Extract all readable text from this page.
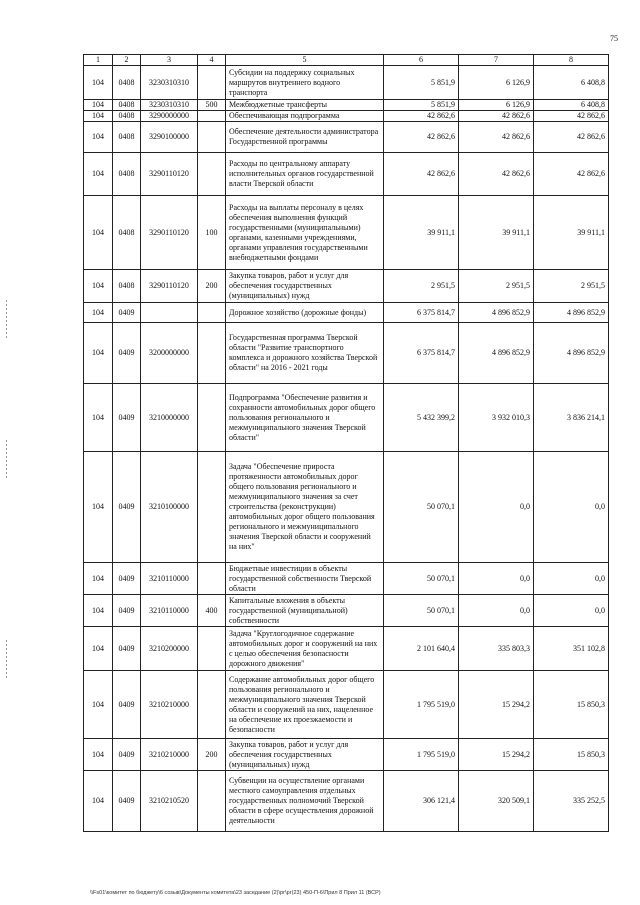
75
1	2	3	4	5	6	7	8
104	0408	3230310310		Субсидии на поддержку социальных маршрутов внутреннего водного транспорта	5 851,9	6 126,9	6 408,8
104	0408	3230310310	500	Межбюджетные трансферты	5 851,9	6 126,9	6 408,8
104	0408	3290000000		Обеспечивающая подпрограмма	42 862,6	42 862,6	42 862,6
104	0408	3290100000		Обеспечение деятельности администратора Государственной программы	42 862,6	42 862,6	42 862,6
104	0408	3290110120		Расходы по центральному аппарату исполнительных органов государственной власти Тверской области	42 862,6	42 862,6	42 862,6
104	0408	3290110120	100	Расходы на выплаты персоналу в целях обеспечения выполнения функций государственными (муниципальными) органами, казенными учреждениями, органами управления государственными внебюджетными фондами	39 911,1	39 911,1	39 911,1
104	0408	3290110120	200	Закупка товаров, работ и услуг для обеспечения государственных (муниципальных) нужд	2 951,5	2 951,5	2 951,5
104	0409			Дорожное хозяйство (дорожные фонды)	6 375 814,7	4 896 852,9	4 896 852,9
104	0409	3200000000		Государственная программа Тверской области "Развитие транспортного комплекса и дорожного хозяйства Тверской области" на 2016 - 2021 годы	6 375 814,7	4 896 852,9	4 896 852,9
104	0409	3210000000		Подпрограмма "Обеспечение развития и сохранности автомобильных дорог общего пользования регионального и межмуниципального значения Тверской области"	5 432 399,2	3 932 010,3	3 836 214,1
104	0409	3210100000		Задача "Обеспечение прироста протяженности автомобильных дорог общего пользования регионального и межмуниципального значения за счет строительства (реконструкции) автомобильных дорог общего пользования регионального и межмуниципального значения Тверской области и сооружений на них"	50 070,1	0,0	0,0
104	0409	3210110000		Бюджетные инвестиции в объекты государственной собственности Тверской области	50 070,1	0,0	0,0
104	0409	3210110000	400	Капитальные вложения в объекты государственной (муниципальной) собственности	50 070,1	0,0	0,0
104	0409	3210200000		Задача "Круглогодичное содержание автомобильных дорог и сооружений на них с целью обеспечения безопасности дорожного движения"	2 101 640,4	335 803,3	351 102,8
104	0409	3210210000		Содержание автомобильных дорог общего пользования регионального и межмуниципального значения Тверской области и сооружений на них, нацеленное на обеспечение их проезжаемости и безопасности	1 795 519,0	15 294,2	15 850,3
104	0409	3210210000	200	Закупка товаров, работ и услуг для обеспечения государственных (муниципальных) нужд	1 795 519,0	15 294,2	15 850,3
104	0409	3210210520		Субвенции на осуществление органами местного самоуправления отдельных государственных полномочий Тверской области в сфере осуществления дорожной деятельности	306 121,4	320 509,1	335 252,5
\\Fs01\комитет по бюджету\6 созыв\Документы комитета\23 заседание (2)\рг\рг(23) 450-П-6\Прил 8 Прил 11 (ВСР)
